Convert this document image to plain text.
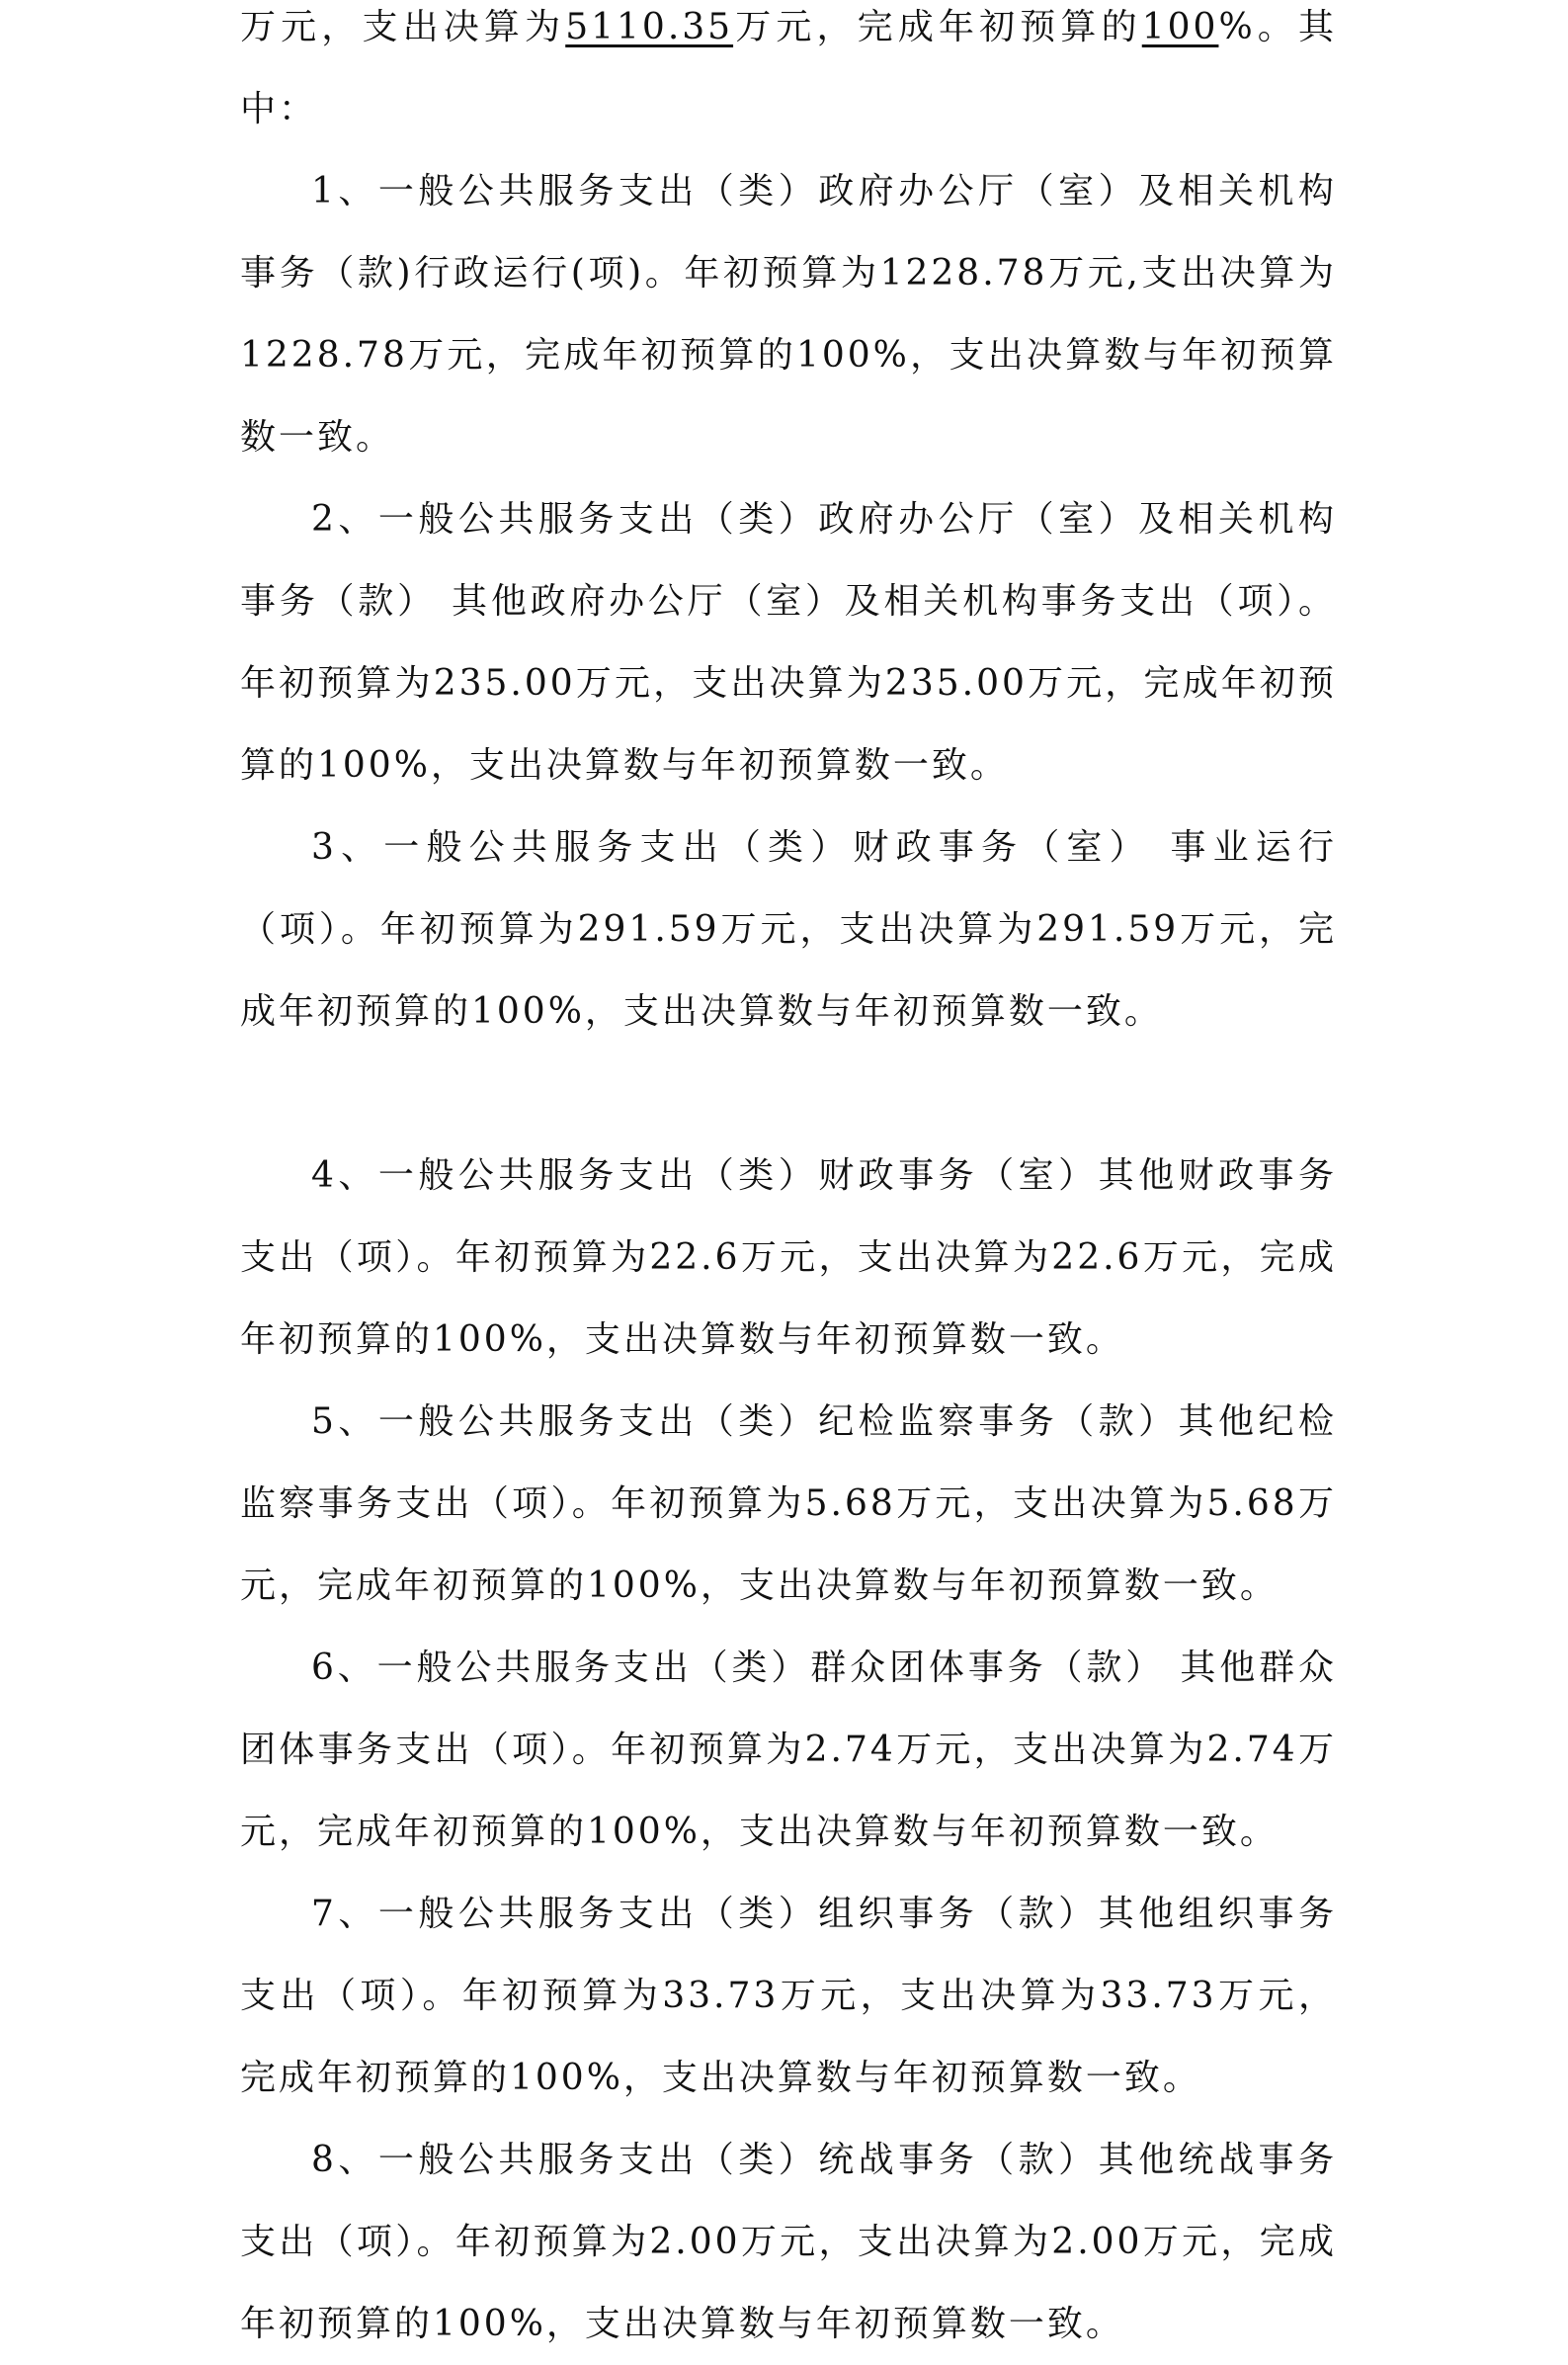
万元，支出决算为5110.35万元，完成年初预算的100%。其中：

1、一般公共服务支出（类）政府办公厅（室）及相关机构事务（款)行政运行(项)。年初预算为1228.78万元,支出决算为1228.78万元，完成年初预算的100%，支出决算数与年初预算数一致。

2、一般公共服务支出（类）政府办公厅（室）及相关机构事务（款） 其他政府办公厅（室）及相关机构事务支出（项）。年初预算为235.00万元，支出决算为235.00万元，完成年初预算的100%，支出决算数与年初预算数一致。

3、一般公共服务支出（类）财政事务（室） 事业运行（项）。年初预算为291.59万元，支出决算为291.59万元，完成年初预算的100%，支出决算数与年初预算数一致。

4、一般公共服务支出（类）财政事务（室）其他财政事务支出（项）。年初预算为22.6万元，支出决算为22.6万元，完成年初预算的100%，支出决算数与年初预算数一致。

5、一般公共服务支出（类）纪检监察事务（款）其他纪检监察事务支出（项）。年初预算为5.68万元，支出决算为5.68万元，完成年初预算的100%，支出决算数与年初预算数一致。

6、一般公共服务支出（类）群众团体事务（款） 其他群众团体事务支出（项）。年初预算为2.74万元，支出决算为2.74万元，完成年初预算的100%，支出决算数与年初预算数一致。

7、一般公共服务支出（类）组织事务（款）其他组织事务支出（项）。年初预算为33.73万元，支出决算为33.73万元，完成年初预算的100%，支出决算数与年初预算数一致。

8、一般公共服务支出（类）统战事务（款）其他统战事务支出（项）。年初预算为2.00万元，支出决算为2.00万元，完成年初预算的100%，支出决算数与年初预算数一致。
